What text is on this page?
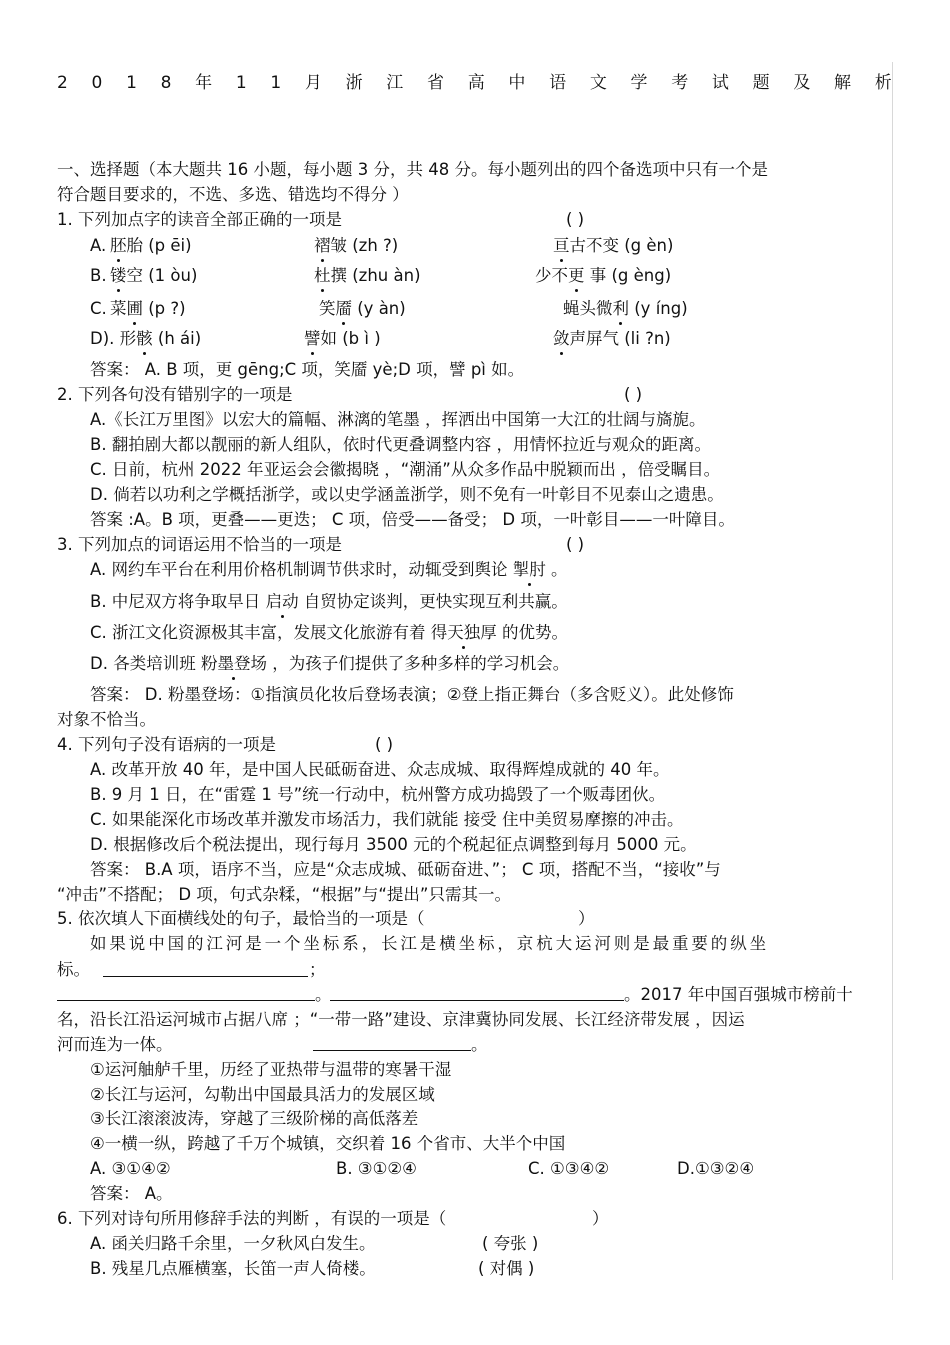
2 0 1 8 年 1 1 月 浙 江 省 高 中 语 文 学 考 试 题 及 解 析
一、选择题（本大题共 16 小题，每小题 3 分，共 48 分。每小题列出的四个备选项中只有一个是
符合题目要求的，不选、多选、错选均不得分 ）
1. 下列加点字的读音全部正确的一项是	( )
A. 胚胎 (p ēi)	褶皱 (zh ?)	亘古不变 (g èn)
B. 镂空 (1 òu)	杜撰 (zhu àn)	少不更 事 (g èng)
C. 菜圃 (p ?)	笑靥 (y àn)	蝇头微利 (y íng)
D). 形骸 (h ái)	譬如 (b ì )	敛声屏气 (li ?n)
答案： A. B 项，更 gēng;C 项，笑靥 yè;D 项，譬 pì 如。
2. 下列各句没有错别字的一项是	( )
A.《长江万里图》以宏大的篇幅、淋漓的笔墨 ，挥洒出中国第一大江的壮阔与旖旎。
B. 翻拍剧大都以靓丽的新人组队，依时代更叠调整内容 ，用情怀拉近与观众的距离。
C. 日前，杭州 2022 年亚运会会徽揭晓 ，“潮涌”从众多作品中脱颖而出 ，倍受瞩目。
D. 倘若以功利之学概括浙学，或以史学涵盖浙学，则不免有一叶彰目不见泰山之遗患。
答案 :A。B 项，更叠——更迭； C 项，倍受——备受； D 项，一叶彰目——一叶障目。
3. 下列加点的词语运用不恰当的一项是	( )
A. 网约车平台在利用价格机制调节供求时，动辄受到舆论 掣肘 。
B. 中尼双方将争取早日 启动 自贸协定谈判，更快实现互利共赢。
C. 浙江文化资源极其丰富，发展文化旅游有着 得天独厚 的优势。
D. 各类培训班 粉墨登场 ，为孩子们提供了多种多样的学习机会。
答案： D. 粉墨登场：①指演员化妆后登场表演；②登上指正舞台（多含贬义）。此处修饰
对象不恰当。
4. 下列句子没有语病的一项是	( )
A. 改革开放 40 年，是中国人民砥砺奋进、众志成城、取得辉煌成就的 40 年。
B. 9 月 1 日，在“雷霆 1 号”统一行动中，杭州警方成功捣毁了一个贩毒团伙。
C. 如果能深化市场改革并激发市场活力，我们就能 接受 住中美贸易摩擦的冲击。
D. 根据修改后个税法提出，现行每月 3500 元的个税起征点调整到每月 5000 元。
答案： B.A 项，语序不当，应是“众志成城、砥砺奋进、”； C 项，搭配不当，“接收”与
“冲击”不搭配； D 项，句式杂糅，“根据”与“提出”只需其一。
5. 依次填人下面横线处的句子，最恰当的一项是（	）
如果说中国的江河是一个坐标系，长江是横坐标，京杭大运河则是最重要的纵坐
标。	；
。	。2017 年中国百强城市榜前十
名，沿长江沿运河城市占据八席 ；“一带一路”建设、京津冀协同发展、长江经济带发展 ，因运
河而连为一体。	。
①运河舳舻千里，历经了亚热带与温带的寒暑干湿
②长江与运河，勾勒出中国最具活力的发展区域
③长江滚滚波涛，穿越了三级阶梯的高低落差
④一横一纵，跨越了千万个城镇，交织着 16 个省市、大半个中国
A. ③①④②	B. ③①②④	C. ①③④②	D.①③②④
答案： A。
6. 下列对诗句所用修辞手法的判断 ，有误的一项是（	）
A. 函关归路千余里，一夕秋风白发生。	( 夸张 )
B. 残星几点雁横塞，长笛一声人倚楼。	( 对偶 )
